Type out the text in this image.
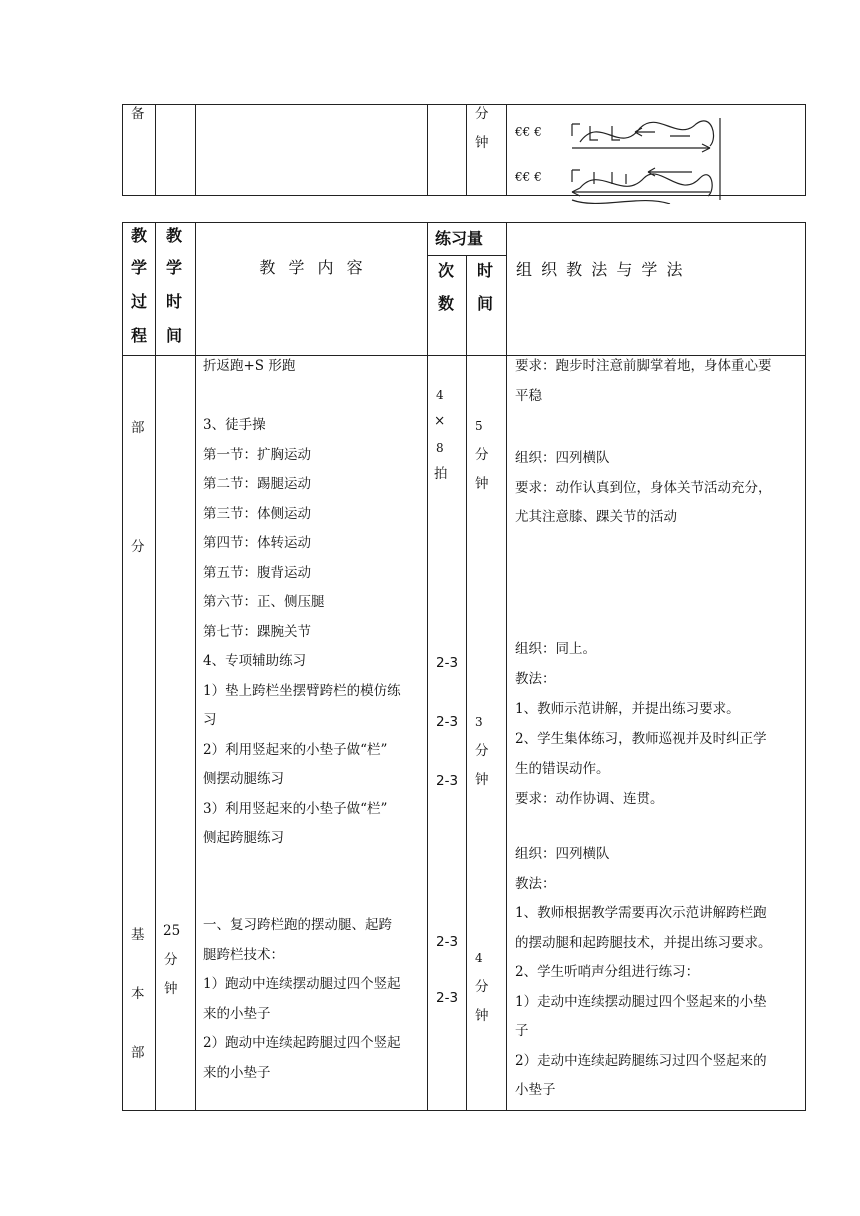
备	分
钟
€€ €
€€ €
教
学
过
程
教
学
时
间
教 学 内 容
练习量
次
数
时
间
组 织 教 法 与 学 法
部
分
基
本
部
25
分
钟
折返跑+S 形跑
3、徒手操
第一节：扩胸运动
第二节：踢腿运动
第三节：体侧运动
第四节：体转运动
第五节：腹背运动
第六节：正、侧压腿
第七节：踝腕关节
4、专项辅助练习
1）垫上跨栏坐摆臂跨栏的模仿练
习
2）利用竖起来的小垫子做“栏”
侧摆动腿练习
3）利用竖起来的小垫子做“栏”
侧起跨腿练习
一、复习跨栏跑的摆动腿、起跨
腿跨栏技术：
1）跑动中连续摆动腿过四个竖起
来的小垫子
2）跑动中连续起跨腿过四个竖起
来的小垫子
4
×
8
拍
2-3
2-3
2-3
2-3
2-3
5
分
钟
3
分
钟
4
分
钟
要求：跑步时注意前脚掌着地，身体重心要
平稳
组织：四列横队
要求：动作认真到位，身体关节活动充分，
尤其注意膝、踝关节的活动
组织：同上。
教法：
1、教师示范讲解，并提出练习要求。
2、学生集体练习，教师巡视并及时纠正学
生的错误动作。
要求：动作协调、连贯。
组织：四列横队
教法：
1、教师根据教学需要再次示范讲解跨栏跑
的摆动腿和起跨腿技术，并提出练习要求。
2、学生听哨声分组进行练习：
1）走动中连续摆动腿过四个竖起来的小垫
子
2）走动中连续起跨腿练习过四个竖起来的
小垫子
